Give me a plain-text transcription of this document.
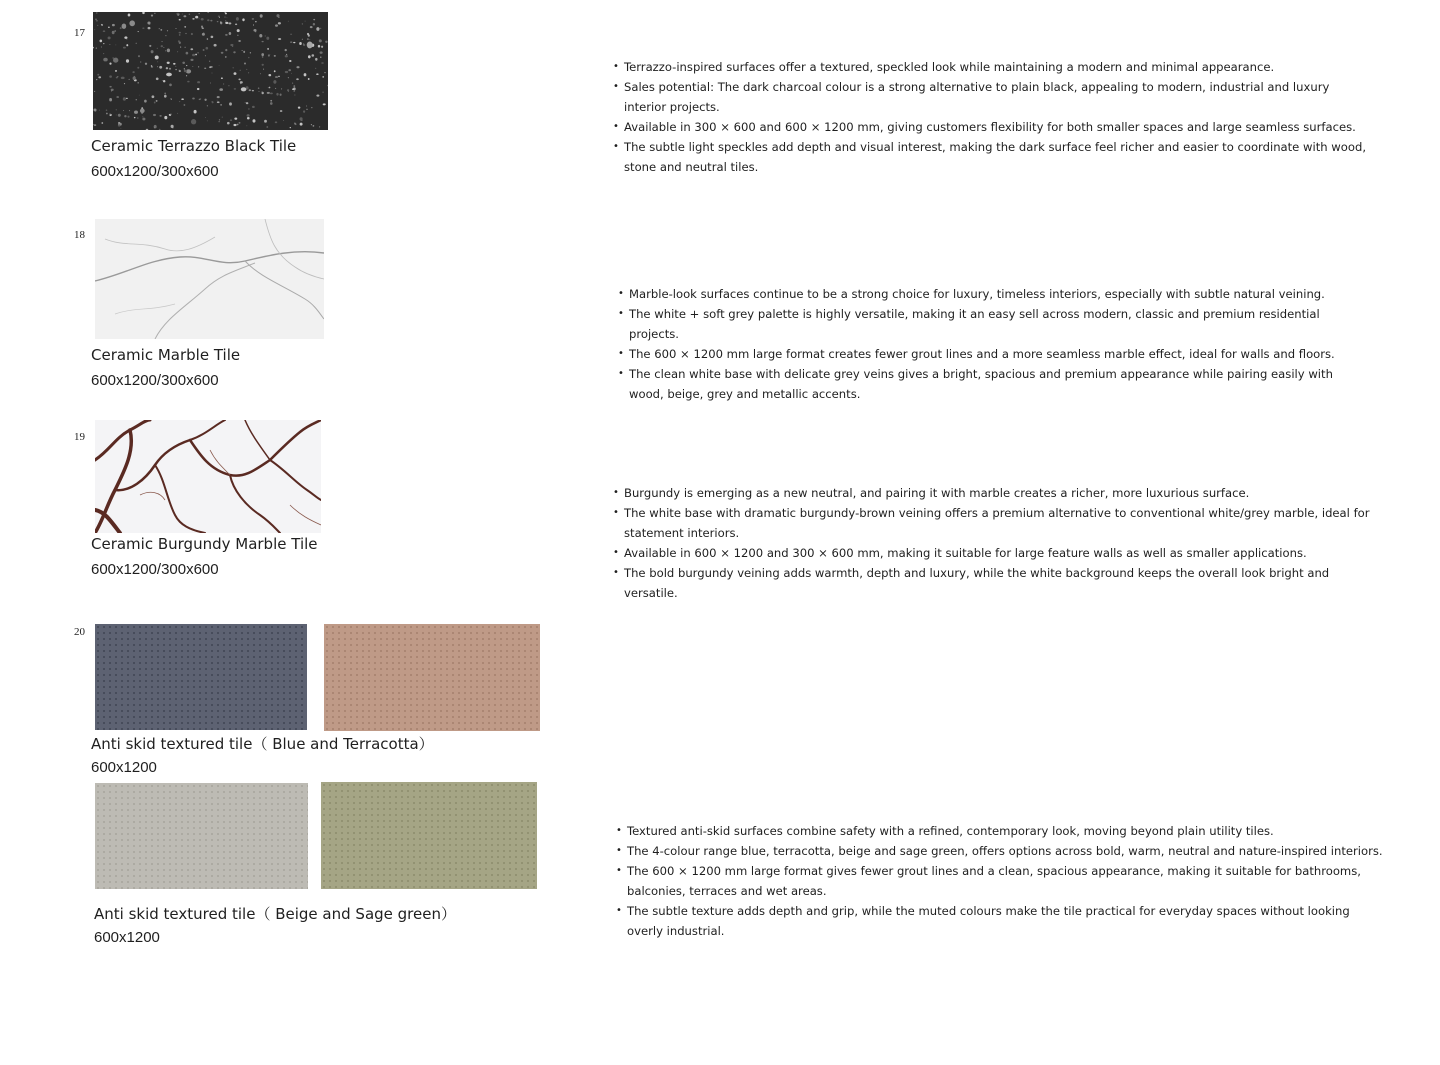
17
Ceramic Terrazzo Black Tile
600x1200/300x600
• Terrazzo-inspired surfaces offer a textured, speckled look while maintaining a modern and minimal appearance.
• Sales potential: The dark charcoal colour is a strong alternative to plain black, appealing to modern, industrial and luxury interior projects.
• Available in 300 × 600 and 600 × 1200 mm, giving customers flexibility for both smaller spaces and large seamless surfaces.
• The subtle light speckles add depth and visual interest, making the dark surface feel richer and easier to coordinate with wood, stone and neutral tiles.
18
Ceramic Marble Tile
600x1200/300x600
• Marble-look surfaces continue to be a strong choice for luxury, timeless interiors, especially with subtle natural veining.
• The white + soft grey palette is highly versatile, making it an easy sell across modern, classic and premium residential projects.
• The 600 × 1200 mm large format creates fewer grout lines and a more seamless marble effect, ideal for walls and floors.
• The clean white base with delicate grey veins gives a bright, spacious and premium appearance while pairing easily with wood, beige, grey and metallic accents.
19
Ceramic Burgundy Marble Tile
600x1200/300x600
• Burgundy is emerging as a new neutral, and pairing it with marble creates a richer, more luxurious surface.
• The white base with dramatic burgundy-brown veining offers a premium alternative to conventional white/grey marble, ideal for statement interiors.
• Available in 600 × 1200 and 300 × 600 mm, making it suitable for large feature walls as well as smaller applications.
• The bold burgundy veining adds warmth, depth and luxury, while the white background keeps the overall look bright and versatile.
20
Anti skid textured tile（ Blue and Terracotta）
600x1200
Anti skid textured tile（ Beige and Sage green）
600x1200
• Textured anti-skid surfaces combine safety with a refined, contemporary look, moving beyond plain utility tiles.
• The 4-colour range blue, terracotta, beige and sage green, offers options across bold, warm, neutral and nature-inspired interiors.
• The 600 × 1200 mm large format gives fewer grout lines and a clean, spacious appearance, making it suitable for bathrooms, balconies, terraces and wet areas.
• The subtle texture adds depth and grip, while the muted colours make the tile practical for everyday spaces without looking overly industrial.
